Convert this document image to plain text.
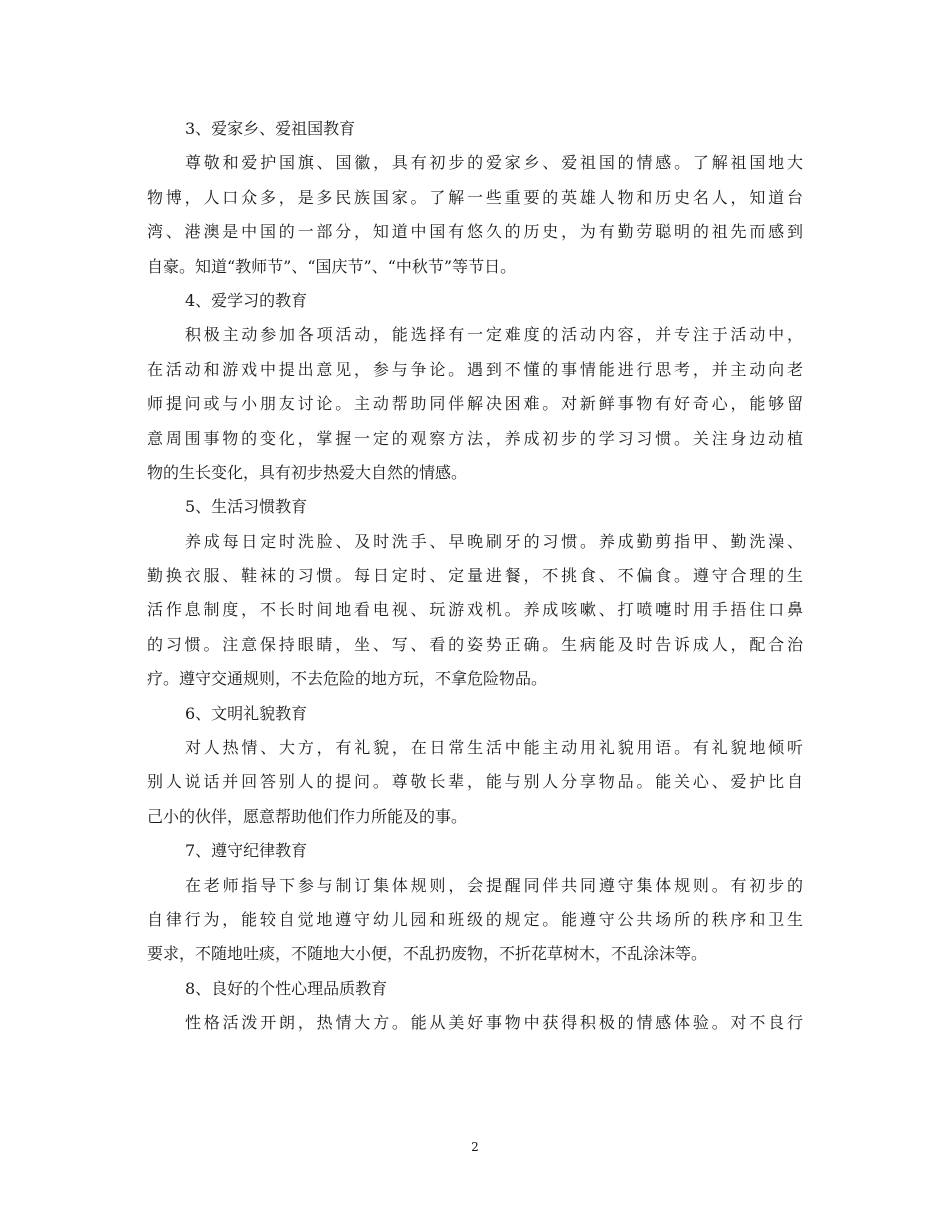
3、爱家乡、爱祖国教育
尊敬和爱护国旗、国徽，具有初步的爱家乡、爱祖国的情感。了解祖国地大
物博，人口众多，是多民族国家。了解一些重要的英雄人物和历史名人，知道台
湾、港澳是中国的一部分，知道中国有悠久的历史，为有勤劳聪明的祖先而感到
自豪。知道“教师节”、“国庆节”、“中秋节”等节日。
4、爱学习的教育
积极主动参加各项活动，能选择有一定难度的活动内容，并专注于活动中，
在活动和游戏中提出意见，参与争论。遇到不懂的事情能进行思考，并主动向老
师提问或与小朋友讨论。主动帮助同伴解决困难。对新鲜事物有好奇心，能够留
意周围事物的变化，掌握一定的观察方法，养成初步的学习习惯。关注身边动植
物的生长变化，具有初步热爱大自然的情感。
5、生活习惯教育
养成每日定时洗脸、及时洗手、早晚刷牙的习惯。养成勤剪指甲、勤洗澡、
勤换衣服、鞋袜的习惯。每日定时、定量进餐，不挑食、不偏食。遵守合理的生
活作息制度，不长时间地看电视、玩游戏机。养成咳嗽、打喷嚏时用手捂住口鼻
的习惯。注意保持眼睛，坐、写、看的姿势正确。生病能及时告诉成人，配合治
疗。遵守交通规则，不去危险的地方玩，不拿危险物品。
6、文明礼貌教育
对人热情、大方，有礼貌，在日常生活中能主动用礼貌用语。有礼貌地倾听
别人说话并回答别人的提问。尊敬长辈，能与别人分享物品。能关心、爱护比自
己小的伙伴，愿意帮助他们作力所能及的事。
7、遵守纪律教育
在老师指导下参与制订集体规则，会提醒同伴共同遵守集体规则。有初步的
自律行为，能较自觉地遵守幼儿园和班级的规定。能遵守公共场所的秩序和卫生
要求，不随地吐痰，不随地大小便，不乱扔废物，不折花草树木，不乱涂沫等。
8、良好的个性心理品质教育
性格活泼开朗，热情大方。能从美好事物中获得积极的情感体验。对不良行
2
